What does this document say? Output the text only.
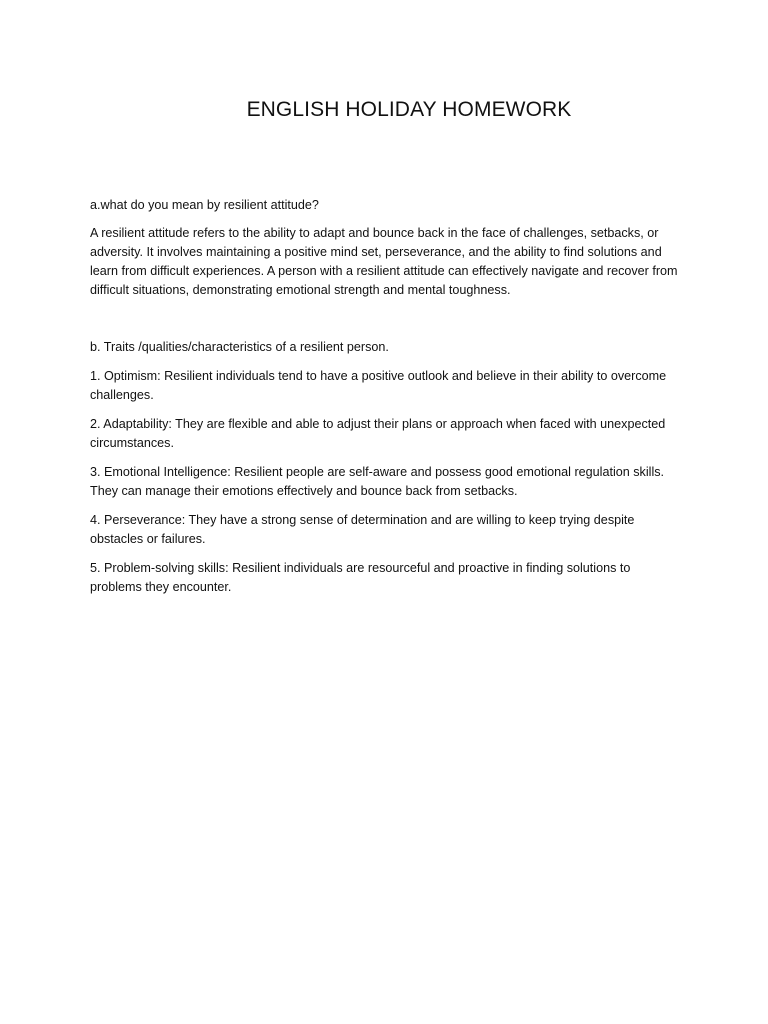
ENGLISH HOLIDAY HOMEWORK

a.what do you mean by resilient attitude?

A resilient attitude refers to the ability to adapt and bounce back in the face of challenges, setbacks, or adversity. It involves maintaining a positive mind set, perseverance, and the ability to find solutions and learn from difficult experiences. A person with a resilient attitude can effectively navigate and recover from difficult situations, demonstrating emotional strength and mental toughness.

b. Traits /qualities/characteristics of a resilient person.

1. Optimism: Resilient individuals tend to have a positive outlook and believe in their ability to overcome challenges.

2. Adaptability: They are flexible and able to adjust their plans or approach when faced with unexpected circumstances.

3. Emotional Intelligence: Resilient people are self-aware and possess good emotional regulation skills. They can manage their emotions effectively and bounce back from setbacks.

4. Perseverance: They have a strong sense of determination and are willing to keep trying despite obstacles or failures.

5. Problem-solving skills: Resilient individuals are resourceful and proactive in finding solutions to problems they encounter.
